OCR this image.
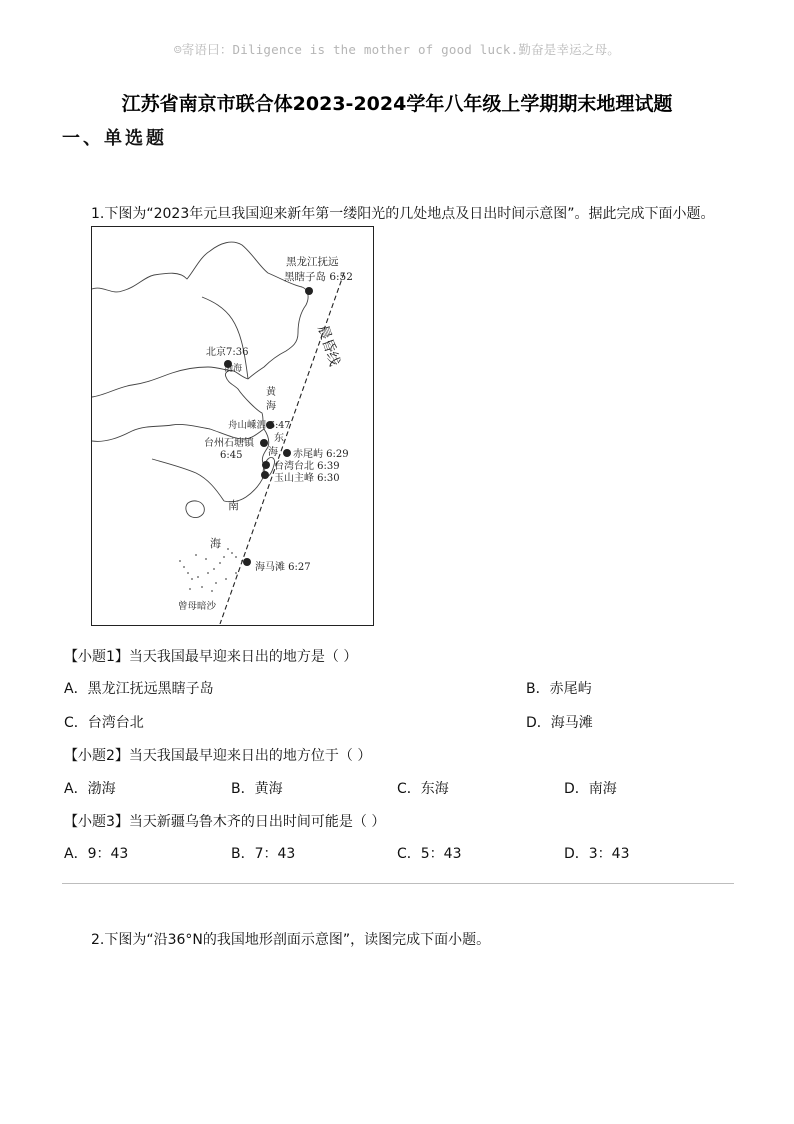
☺寄语曰：Diligence is the mother of good luck.勤奋是幸运之母。
江苏省南京市联合体2023-2024学年八年级上学期期末地理试题
一、单选题
1.下图为“2023年元旦我国迎来新年第一缕阳光的几处地点及日出时间示意图”。据此完成下面小题。
黑龙江抚远
黑瞎子岛 6:52
北京7:36
渤海
黄
海
舟山嵊泗 6:47
东
海
台州石塘镇
6:45	赤尾屿 6:29
台湾台北 6:39
玉山主峰 6:30
南
海
海马滩 6:27
曾母暗沙
晨昏线
【小题1】当天我国最早迎来日出的地方是（ ）
A．黑龙江抚远黑瞎子岛	B．赤尾屿
C．台湾台北	D．海马滩
【小题2】当天我国最早迎来日出的地方位于（ ）
A．渤海	B．黄海	C．东海	D．南海
【小题3】当天新疆乌鲁木齐的日出时间可能是（ ）
A．9：43	B．7：43	C．5：43	D．3：43
2.下图为“沿36°N的我国地形剖面示意图”，读图完成下面小题。
